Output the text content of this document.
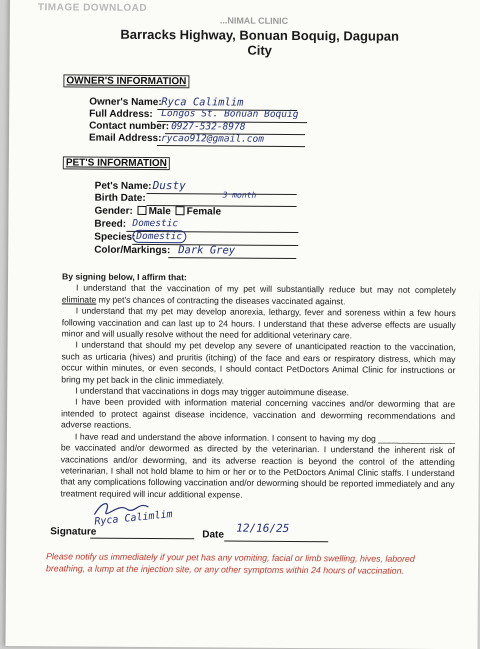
TIMAGE DOWNLOAD
...NIMAL CLINIC
Barracks Highway, Bonuan Boquig, Dagupan City
OWNER'S INFORMATION
Owner's Name: Ryca Calimlim
Full Address: Longos St. Bonuan Boquig
Contact number: 0927-532-8978
Email Address: rycao912@gmail.com
PET'S INFORMATION
Pet's Name: Dusty
Birth Date:	3 month
Gender: Male Female
Breed: Domestic
Species: Domestic
Color/Markings: Dark Grey

By signing below, I affirm that:

I understand that the vaccination of my pet will substantially reduce but may not completely eliminate my pet's chances of contracting the diseases vaccinated against.

I understand that my pet may develop anorexia, lethargy, fever and soreness within a few hours following vaccination and can last up to 24 hours. I understand that these adverse effects are usually minor and will usually resolve without the need for additional veterinary care.

I understand that should my pet develop any severe of unanticipated reaction to the vaccination, such as urticaria (hives) and pruritis (itching) of the face and ears or respiratory distress, which may occur within minutes, or even seconds, I should contact PetDoctors Animal Clinic for instructions or bring my pet back in the clinic immediately.

I understand that vaccinations in dogs may trigger autoimmune disease.

I have been provided with information material concerning vaccines and/or deworming that are intended to protect against disease incidence, vaccination and deworming recommendations and adverse reactions.

I have read and understand the above information. I consent to having my dog ________________ be vaccinated and/or dewormed as directed by the veterinarian. I understand the inherent risk of vaccinations and/or deworming, and its adverse reaction is beyond the control of the attending veterinarian, I shall not hold blame to him or her or to the PetDoctors Animal Clinic staffs. I understand that any complications following vaccination and/or deworming should be reported immediately and any treatment required will incur additional expense.

Signature
Ryca Calimlim
Date 12/16/25
Please notify us immediately if your pet has any vomiting, facial or limb swelling, hives, labored breathing, a lump at the injection site, or any other symptoms within 24 hours of vaccination.
